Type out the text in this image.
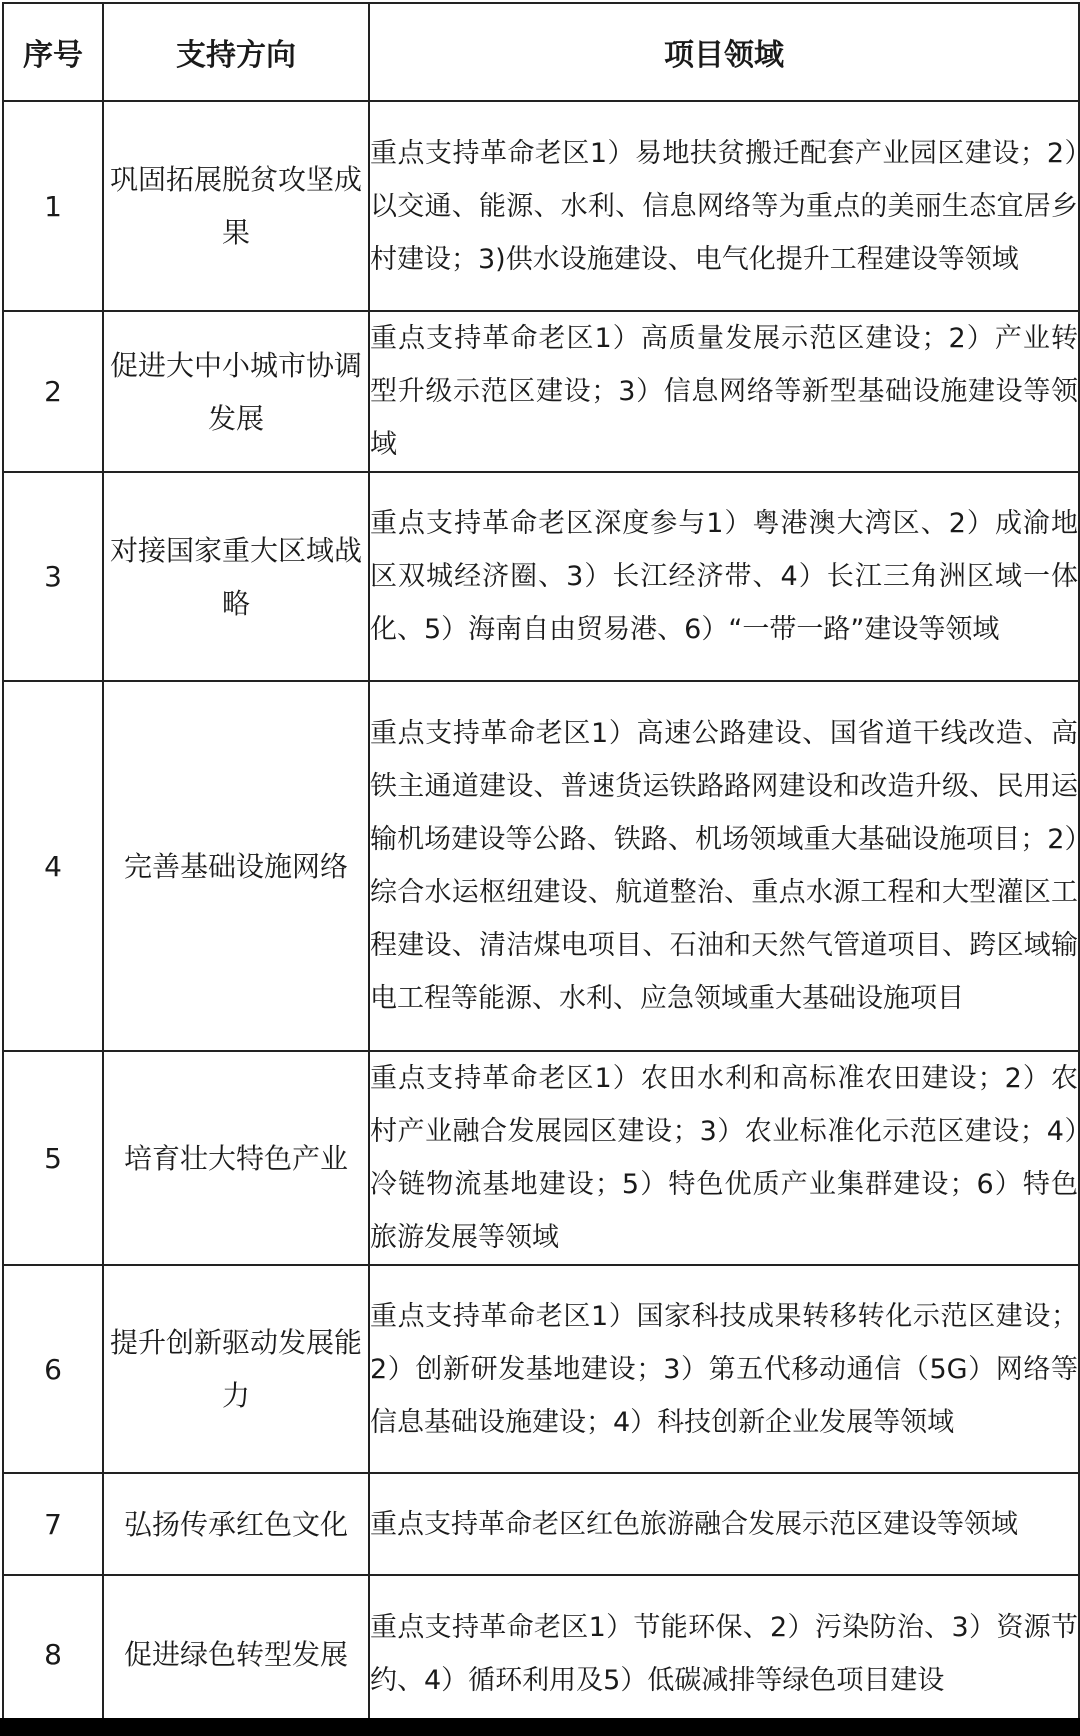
序号	支持方向	项目领域
1	巩固拓展脱贫攻坚成果	重点支持革命老区1）易地扶贫搬迁配套产业园区建设；2）以交通、能源、水利、信息网络等为重点的美丽生态宜居乡村建设；3)供水设施建设、电气化提升工程建设等领域
2	促进大中小城市协调发展	重点支持革命老区1）高质量发展示范区建设；2）产业转型升级示范区建设；3）信息网络等新型基础设施建设等领域
3	对接国家重大区域战略	重点支持革命老区深度参与1）粤港澳大湾区、2）成渝地区双城经济圈、3）长江经济带、4）长江三角洲区域一体化、5）海南自由贸易港、6）“一带一路”建设等领域
4	完善基础设施网络	重点支持革命老区1）高速公路建设、国省道干线改造、高铁主通道建设、普速货运铁路路网建设和改造升级、民用运输机场建设等公路、铁路、机场领域重大基础设施项目；2）综合水运枢纽建设、航道整治、重点水源工程和大型灌区工程建设、清洁煤电项目、石油和天然气管道项目、跨区域输电工程等能源、水利、应急领域重大基础设施项目
5	培育壮大特色产业	重点支持革命老区1）农田水利和高标准农田建设；2）农村产业融合发展园区建设；3）农业标准化示范区建设；4）冷链物流基地建设；5）特色优质产业集群建设；6）特色旅游发展等领域
6	提升创新驱动发展能力	重点支持革命老区1）国家科技成果转移转化示范区建设；2）创新研发基地建设；3）第五代移动通信（5G）网络等信息基础设施建设；4）科技创新企业发展等领域
7	弘扬传承红色文化	重点支持革命老区红色旅游融合发展示范区建设等领域
8	促进绿色转型发展	重点支持革命老区1）节能环保、2）污染防治、3）资源节约、4）循环利用及5）低碳减排等绿色项目建设
